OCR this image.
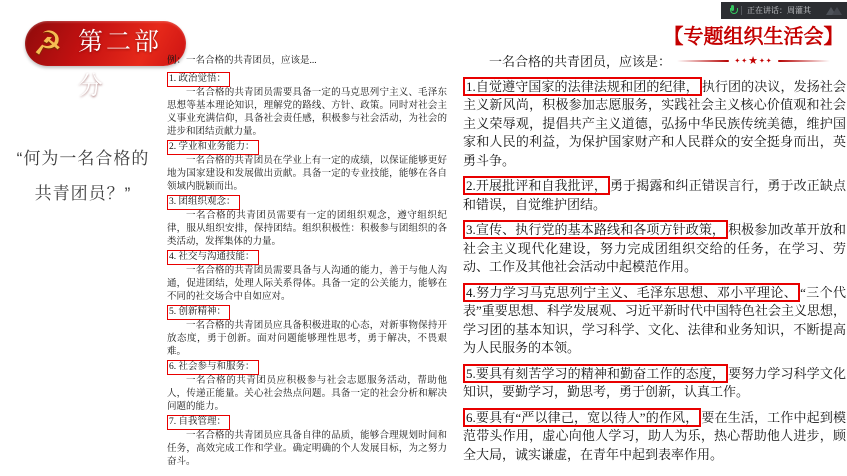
正在讲话：周灌其
☭ 第二部分
【专题组织生活会】
✦✦★✦✦
“何为一名合格的
共青团员？”

例：一名合格的共青团员，应该是...

1. 政治觉悟：

一名合格的共青团员需要具备一定的马克思列宁主义、毛泽东思想等基本理论知识，理解党的路线、方针、政策。同时对社会主义事业充满信仰，具备社会责任感，积极参与社会活动，为社会的进步和团结贡献力量。

2. 学业和业务能力：

一名合格的共青团员在学业上有一定的成绩，以保证能够更好地为国家建设和发展做出贡献。具备一定的专业技能，能够在各自领域内脱颖而出。

3. 团组织观念：

一名合格的共青团员需要有一定的团组织观念，遵守组织纪律，服从组织安排，保持团结。组织积极性：积极参与团组织的各类活动，发挥集体的力量。

4. 社交与沟通技能：

一名合格的共青团员需要具备与人沟通的能力，善于与他人沟通，促进团结，处理人际关系得体。具备一定的公关能力，能够在不同的社交场合中自如应对。

5. 创新精神：

一名合格的共青团员应具备积极进取的心态，对新事物保持开放态度，勇于创新。面对问题能够理性思考，勇于解决，不畏艰难。

6. 社会参与和服务：

一名合格的共青团员应积极参与社会志愿服务活动，帮助他人，传递正能量。关心社会热点问题。具备一定的社会分析和解决问题的能力。

7. 自我管理：

一名合格的共青团员应具备自律的品质，能够合理规划时间和任务，高效完成工作和学业。确定明确的个人发展目标，为之努力奋斗。

一名合格的共青团员，应该是：

1.自觉遵守国家的法律法规和团的纪律， 执行团的决议，发扬社会主义新风尚，积极参加志愿服务，实践社会主义核心价值观和社会主义荣辱观，提倡共产主义道德，弘扬中华民族传统美德，维护国家和人民的利益，为保护国家财产和人民群众的安全挺身而出，英勇斗争。

2.开展批评和自我批评， 勇于揭露和纠正错误言行，勇于改正缺点和错误，自觉维护团结。

3.宣传、执行党的基本路线和各项方针政策， 积极参加改革开放和社会主义现代化建设，努力完成团组织交给的任务，在学习、劳动、工作及其他社会活动中起模范作用。

4.努力学习马克思列宁主义、毛泽东思想、邓小平理论、 “三个代表”重要思想、科学发展观、习近平新时代中国特色社会主义思想，学习团的基本知识，学习科学、文化、法律和业务知识，不断提高为人民服务的本领。

5.要具有刻苦学习的精神和勤奋工作的态度， 要努力学习科学文化知识，要勤学习，勤思考，勇于创新，认真工作。

6.要具有“严以律己，宽以待人”的作风， 要在生活，工作中起到模范带头作用，虚心向他人学习，助人为乐，热心帮助他人进步，顾全大局，诚实谦虚，在青年中起到表率作用。
